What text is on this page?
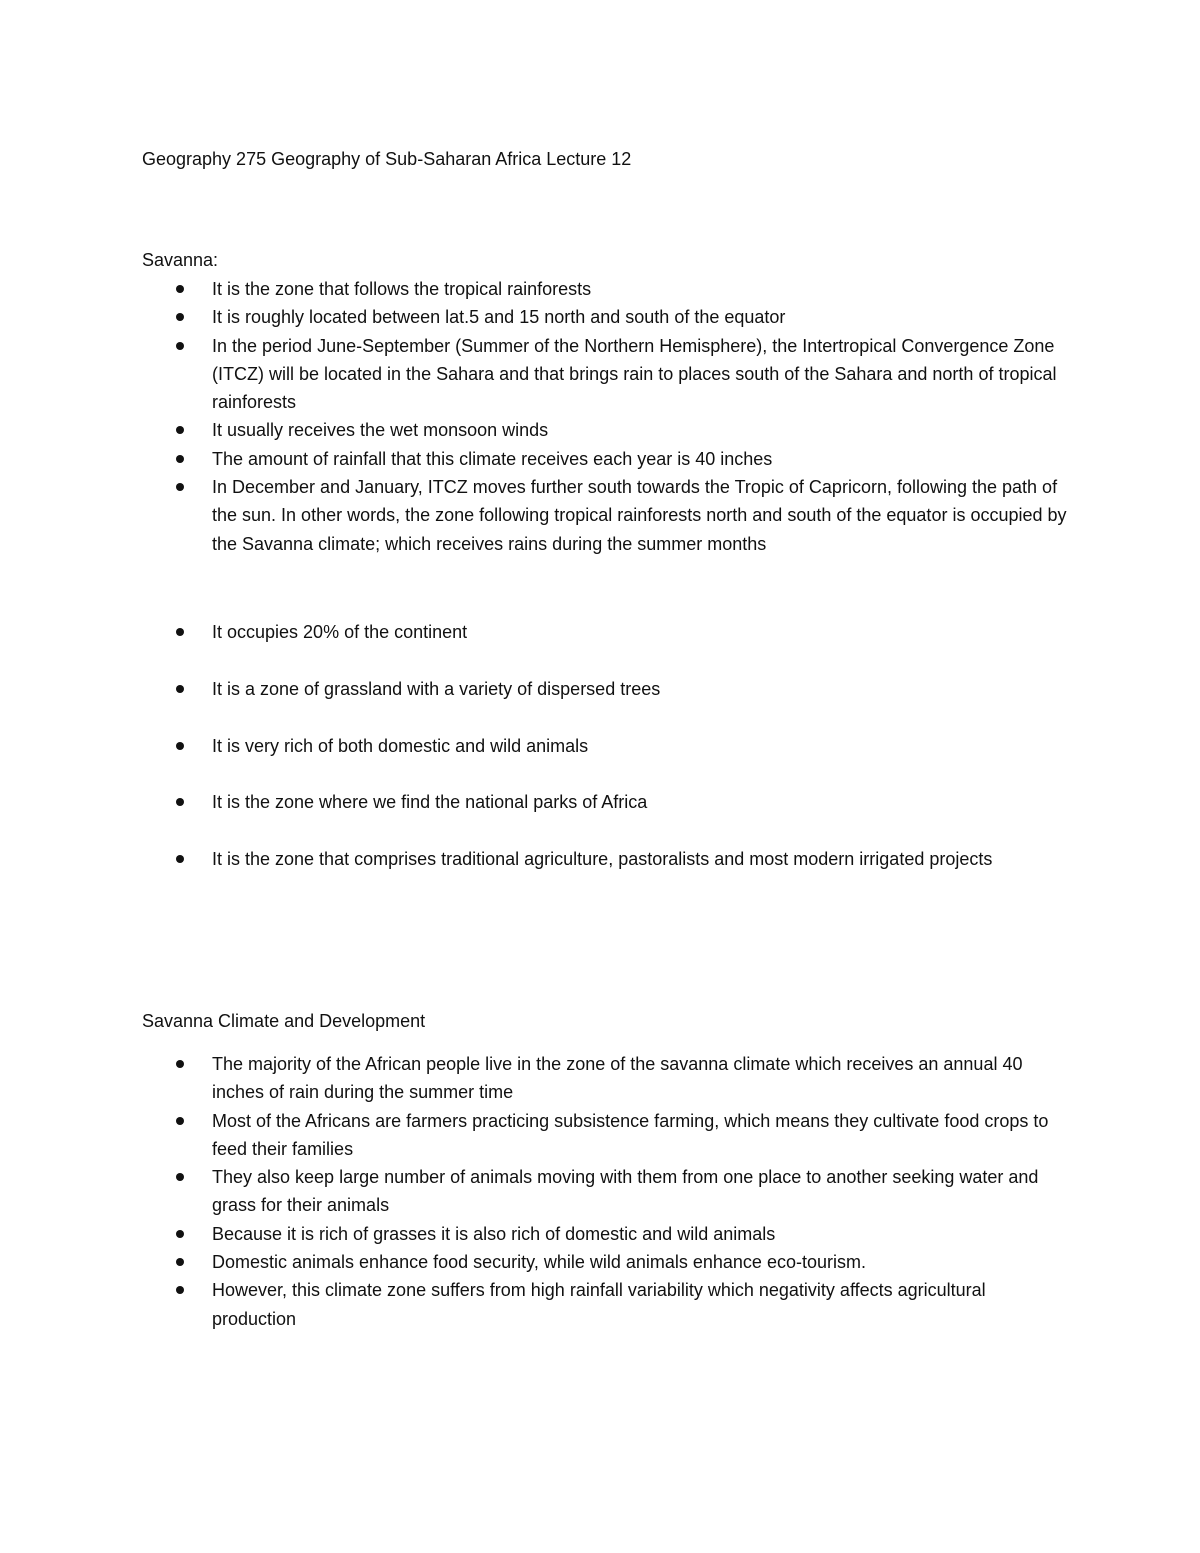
Geography 275 Geography of Sub-Saharan Africa Lecture 12
Savanna:
It is the zone that follows the tropical rainforests
It is roughly located between lat.5 and 15 north and south of the equator
In the period June-September (Summer of the Northern Hemisphere), the Intertropical Convergence Zone (ITCZ) will be located in the Sahara and that brings rain to places south of the Sahara and north of tropical rainforests
It usually receives the wet monsoon winds
The amount of rainfall that this climate receives each year is 40 inches
In December and January, ITCZ moves further south towards the Tropic of Capricorn, following the path of the sun. In other words, the zone following tropical rainforests north and south of the equator is occupied by the Savanna climate; which receives rains during the summer months
It occupies 20% of the continent
It is a zone of grassland with a variety of dispersed trees
It is very rich of both domestic and wild animals
It is the zone where we find the national parks of Africa
It is the zone that comprises traditional agriculture, pastoralists and most modern irrigated projects
Savanna Climate and Development
The majority of the African people live in the zone of the savanna climate which receives an annual 40 inches of rain during the summer time
Most of the Africans are farmers practicing subsistence farming, which means they cultivate food crops to feed their families
They also keep large number of animals moving with them from one place to another seeking water and grass for their animals
Because it is rich of grasses it is also rich of domestic and wild animals
Domestic animals enhance food security, while wild animals enhance eco-tourism.
However, this climate zone suffers from high rainfall variability which negativity affects agricultural production
